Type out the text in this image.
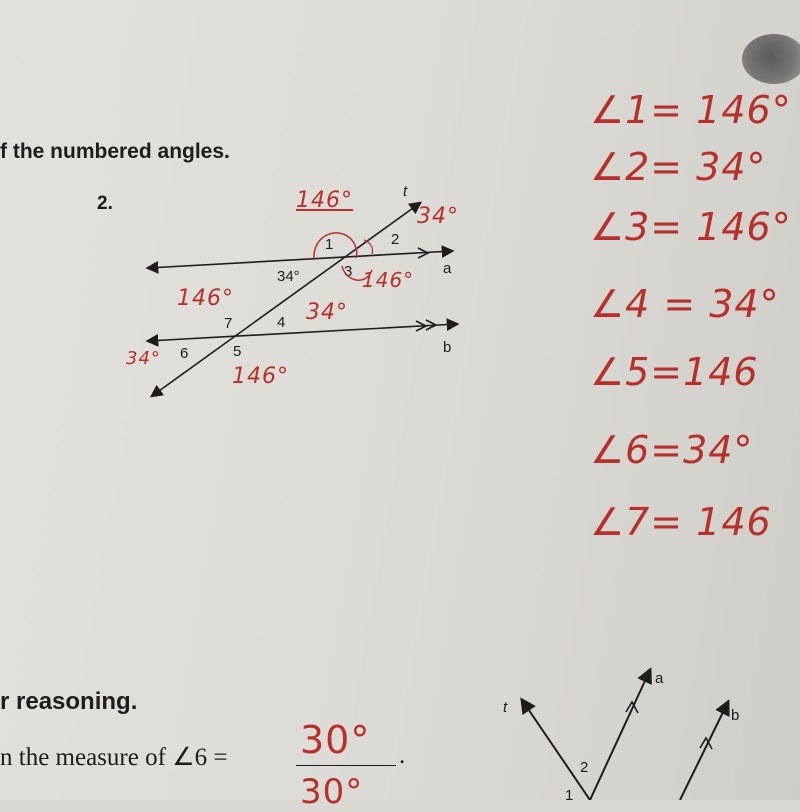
f the numbered angles.
2.
t
a
b
1	2
3
34°
4
5
6
7
146°
34°
146°
146°
34°
34°
146°
∠1= 146°
∠2= 34°
∠3= 146°
∠4 = 34°
∠5=146
∠6=34°
∠7= 146
r reasoning.
n the measure of ∠6 =	.
30°
30°
t
a
b
2
1
